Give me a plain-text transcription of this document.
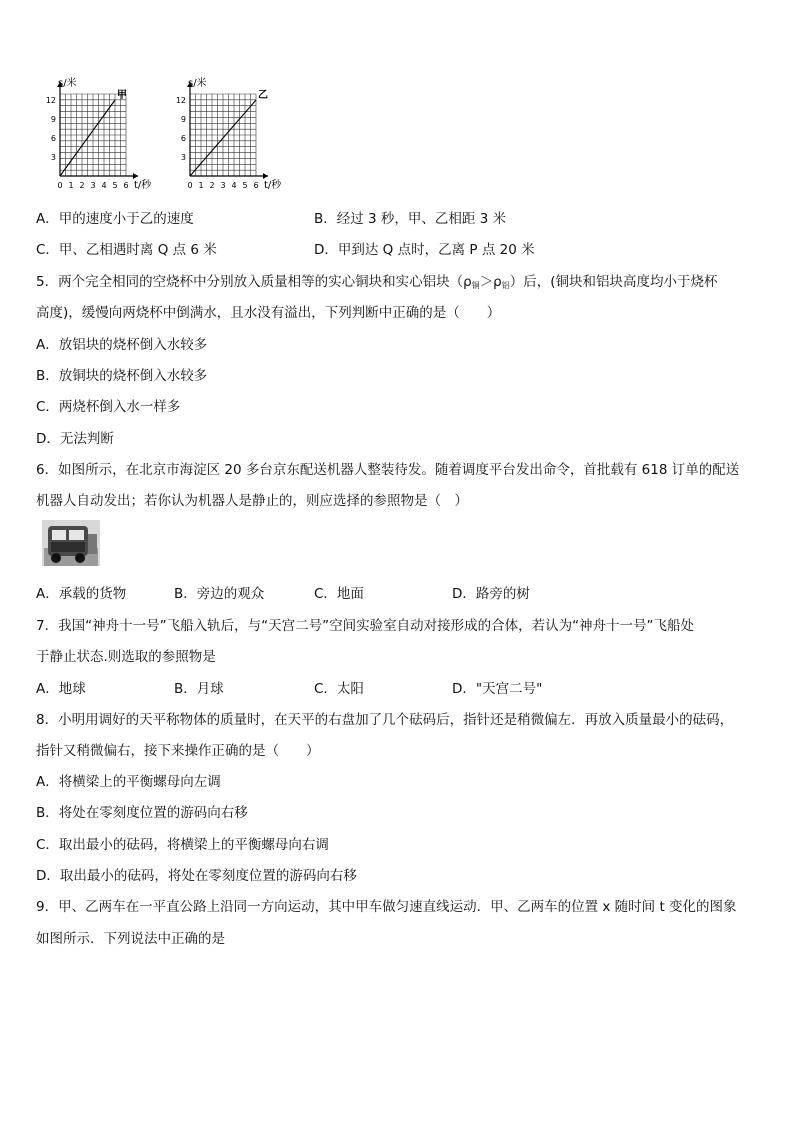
12
9
6
3
0 1 2 3 4 5 6
s/米
t/秒
甲	12
9
6
3
0 1 2 3 4 5 6
s/米
t/秒
乙
A．甲的速度小于乙的速度	B．经过 3 秒，甲、乙相距 3 米
C．甲、乙相遇时离 Q 点 6 米	D．甲到达 Q 点时，乙离 P 点 20 米
5．两个完全相同的空烧杯中分别放入质量相等的实心铜块和实心铝块$(\rho_铜>\rho_铝)$后，(铜块和铝块高度均小于烧杯
高度)，缓慢向两烧杯中倒满水，且水没有溢出，下列判断中正确的是（　　）
A．放铝块的烧杯倒入水较多
B．放铜块的烧杯倒入水较多
C．两烧杯倒入水一样多
D．无法判断
6．如图所示，在北京市海淀区 20 多台京东配送机器人整装待发。随着调度平台发出命令，首批载有 618 订单的配送
机器人自动发出；若你认为机器人是静止的，则应选择的参照物是（　）
A．承载的货物	B．旁边的观众	C．地面	D．路旁的树
7．我国“神舟十一号”飞船入轨后，与“天宫二号”空间实验室自动对接形成的合体，若认为“神舟十一号”飞船处
于静止状态.则选取的参照物是
A．地球	B．月球	C．太阳	D．"天宫二号"
8．小明用调好的天平称物体的质量时，在天平的右盘加了几个砝码后，指针还是稍微偏左．再放入质量最小的砝码，
指针又稍微偏右，接下来操作正确的是（　　）
A．将横梁上的平衡螺母向左调
B．将处在零刻度位置的游码向右移
C．取出最小的砝码，将横梁上的平衡螺母向右调
D．取出最小的砝码，将处在零刻度位置的游码向右移
9．甲、乙两车在一平直公路上沿同一方向运动，其中甲车做匀速直线运动．甲、乙两车的位置 x 随时间 t 变化的图象
如图所示．下列说法中正确的是
